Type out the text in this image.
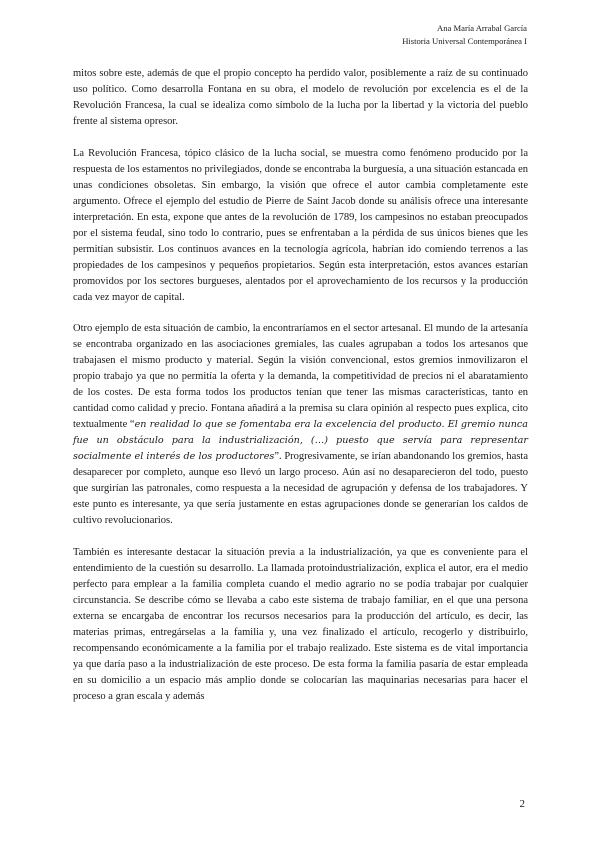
Ana María Arrabal García
Historia Universal Contemporánea I

mitos sobre este, además de que el propio concepto ha perdido valor, posiblemente a raíz de su continuado uso político. Como desarrolla Fontana en su obra, el modelo de revolución por excelencia es el de la Revolución Francesa, la cual se idealiza como símbolo de la lucha por la libertad y la victoria del pueblo frente al sistema opresor.

La Revolución Francesa, tópico clásico de la lucha social, se muestra como fenómeno producido por la respuesta de los estamentos no privilegiados, donde se encontraba la burguesía, a una situación estancada en unas condiciones obsoletas. Sin embargo, la visión que ofrece el autor cambia completamente este argumento. Ofrece el ejemplo del estudio de Pierre de Saint Jacob donde su análisis ofrece una interesante interpretación. En esta, expone que antes de la revolución de 1789, los campesinos no estaban preocupados por el sistema feudal, sino todo lo contrario, pues se enfrentaban a la pérdida de sus únicos bienes que les permitían subsistir. Los continuos avances en la tecnología agrícola, habrían ido comiendo terrenos a las propiedades de los campesinos y pequeños propietarios. Según esta interpretación, estos avances estarían promovidos por los sectores burgueses, alentados por el aprovechamiento de los recursos y la producción cada vez mayor de capital.

Otro ejemplo de esta situación de cambio, la encontraríamos en el sector artesanal. El mundo de la artesanía se encontraba organizado en las asociaciones gremiales, las cuales agrupaban a todos los artesanos que trabajasen el mismo producto y material. Según la visión convencional, estos gremios inmovilizaron el propio trabajo ya que no permitía la oferta y la demanda, la competitividad de precios ni el abaratamiento de los costes. De esta forma todos los productos tenían que tener las mismas características, tanto en cantidad como calidad y precio. Fontana añadirá a la premisa su clara opinión al respecto pues explica, cito textualmente “en realidad lo que se fomentaba era la excelencia del producto. El gremio nunca fue un obstáculo para la industrialización, (…) puesto que servía para representar socialmente el interés de los productores”. Progresivamente, se irían abandonando los gremios, hasta desaparecer por completo, aunque eso llevó un largo proceso. Aún así no desaparecieron del todo, puesto que surgirían las patronales, como respuesta a la necesidad de agrupación y defensa de los trabajadores. Y este punto es interesante, ya que sería justamente en estas agrupaciones donde se generarían los caldos de cultivo revolucionarios.

También es interesante destacar la situación previa a la industrialización, ya que es conveniente para el entendimiento de la cuestión su desarrollo. La llamada protoindustrialización, explica el autor, era el medio perfecto para emplear a la familia completa cuando el medio agrario no se podía trabajar por cualquier circunstancia. Se describe cómo se llevaba a cabo este sistema de trabajo familiar, en el que una persona externa se encargaba de encontrar los recursos necesarios para la producción del artículo, es decir, las materias primas, entregárselas a la familia y, una vez finalizado el artículo, recogerlo y distribuirlo, recompensando económicamente a la familia por el trabajo realizado. Este sistema es de vital importancia ya que daría paso a la industrialización de este proceso. De esta forma la familia pasaría de estar empleada en su domicilio a un espacio más amplio donde se colocarían las maquinarias necesarias para hacer el proceso a gran escala y además

2
